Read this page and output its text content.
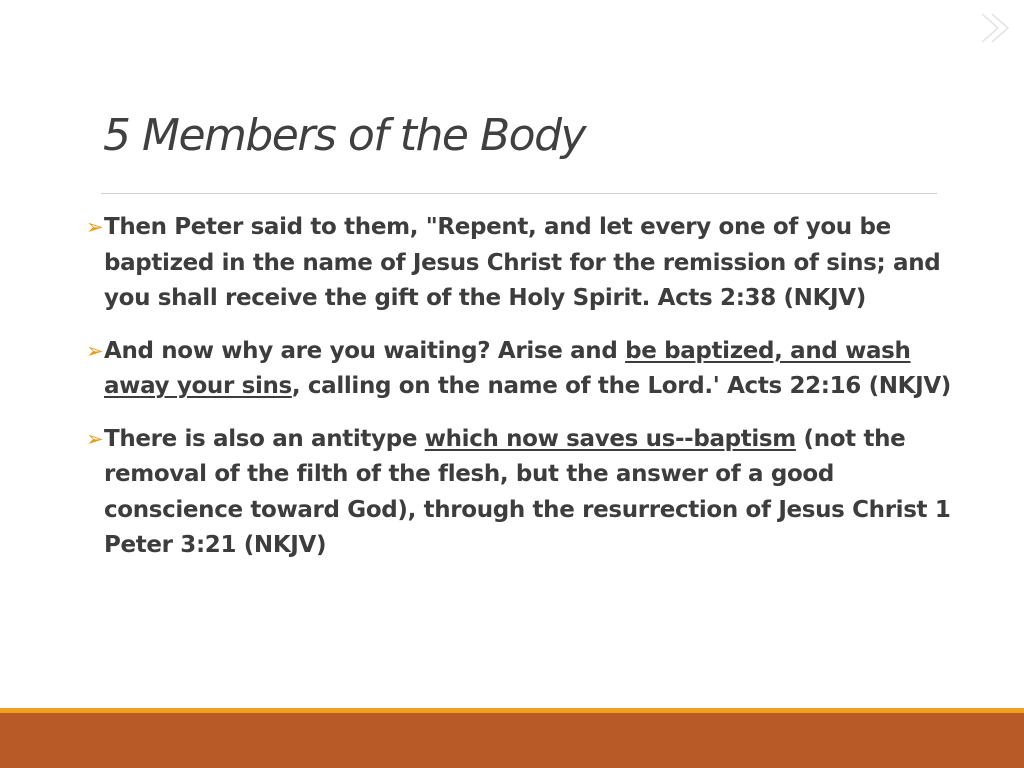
5 Members of the Body

➢ Then Peter said to them, "Repent, and let every one of you be baptized in the name of Jesus Christ for the remission of sins; and you shall receive the gift of the Holy Spirit. Acts 2:38 (NKJV)

➢ And now why are you waiting? Arise and be baptized, and wash away your sins, calling on the name of the Lord.' Acts 22:16 (NKJV)

➢ There is also an antitype which now saves us--baptism (not the removal of the filth of the flesh, but the answer of a good conscience toward God), through the resurrection of Jesus Christ 1 Peter 3:21 (NKJV)
